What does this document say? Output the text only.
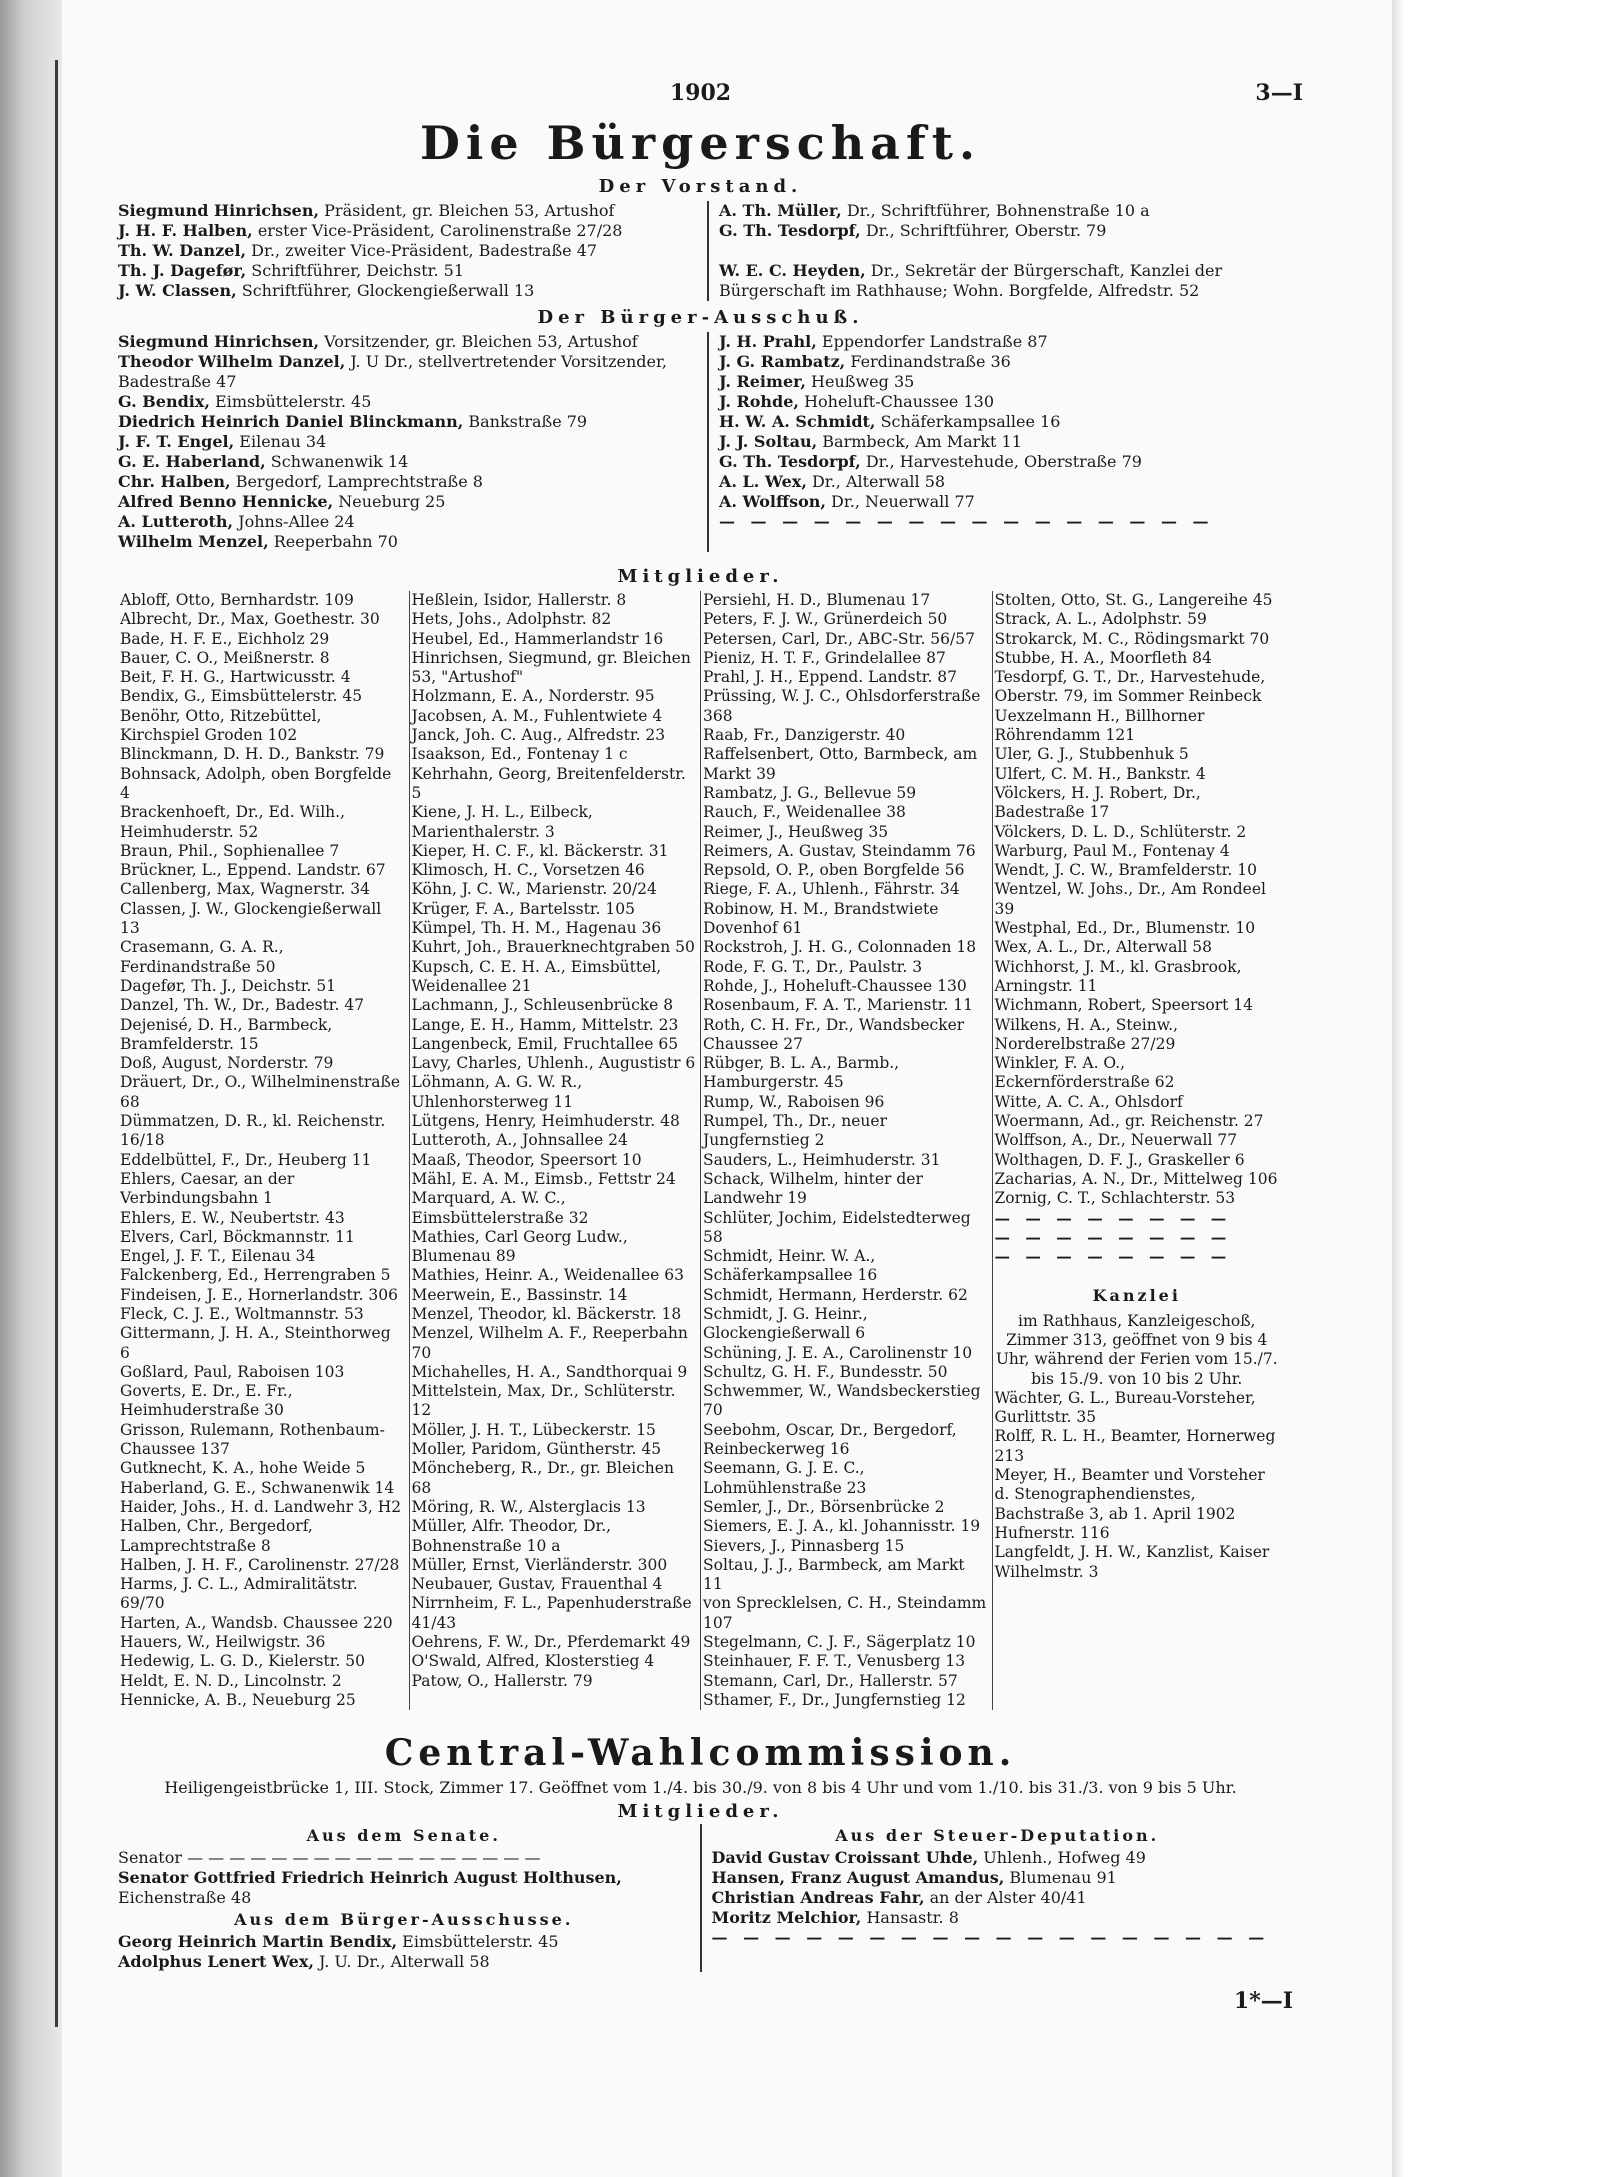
1902	3—I
Die Bürgerschaft.
Der Vorstand.
Siegmund Hinrichsen, Präsident, gr. Bleichen 53, Artushof
J. H. F. Halben, erster Vice-Präsident, Carolinenstraße 27/28
Th. W. Danzel, Dr., zweiter Vice-Präsident, Badestraße 47
Th. J. Dagefør, Schriftführer, Deichstr. 51
J. W. Classen, Schriftführer, Glockengießerwall 13
A. Th. Müller, Dr., Schriftführer, Bohnenstraße 10 a
G. Th. Tesdorpf, Dr., Schriftführer, Oberstr. 79

W. E. C. Heyden, Dr., Sekretär der Bürgerschaft, Kanzlei der Bürgerschaft im Rathhause; Wohn. Borgfelde, Alfredstr. 52
Der Bürger-Ausschuß.
Siegmund Hinrichsen, Vorsitzender, gr. Bleichen 53, Artushof
Theodor Wilhelm Danzel, J. U Dr., stellvertretender Vorsitzender, Badestraße 47
G. Bendix, Eimsbüttelerstr. 45
Diedrich Heinrich Daniel Blinckmann, Bankstraße 79
J. F. T. Engel, Eilenau 34
G. E. Haberland, Schwanenwik 14
Chr. Halben, Bergedorf, Lamprechtstraße 8
Alfred Benno Hennicke, Neueburg 25
A. Lutteroth, Johns-Allee 24
Wilhelm Menzel, Reeperbahn 70
J. H. Prahl, Eppendorfer Landstraße 87
J. G. Rambatz, Ferdinandstraße 36
J. Reimer, Heußweg 35
J. Rohde, Hoheluft-Chaussee 130
H. W. A. Schmidt, Schäferkampsallee 16
J. J. Soltau, Barmbeck, Am Markt 11
G. Th. Tesdorpf, Dr., Harvestehude, Oberstraße 79
A. L. Wex, Dr., Alterwall 58
A. Wolffson, Dr., Neuerwall 77
— — — — — — — — — — — — — — — —
Mitglieder.
Abloff, Otto, Bernhardstr. 109
Albrecht, Dr., Max, Goethestr. 30
Bade, H. F. E., Eichholz 29
Bauer, C. O., Meißnerstr. 8
Beit, F. H. G., Hartwicusstr. 4
Bendix, G., Eimsbüttelerstr. 45
Benöhr, Otto, Ritzebüttel, Kirchspiel Groden 102
Blinckmann, D. H. D., Bankstr. 79
Bohnsack, Adolph, oben Borgfelde 4
Brackenhoeft, Dr., Ed. Wilh., Heimhuderstr. 52
Braun, Phil., Sophienallee 7
Brückner, L., Eppend. Landstr. 67
Callenberg, Max, Wagnerstr. 34
Classen, J. W., Glockengießerwall 13
Crasemann, G. A. R., Ferdinandstraße 50
Dagefør, Th. J., Deichstr. 51
Danzel, Th. W., Dr., Badestr. 47
Dejenisé, D. H., Barmbeck, Bramfelderstr. 15
Doß, August, Norderstr. 79
Dräuert, Dr., O., Wilhelminenstraße 68
Dümmatzen, D. R., kl. Reichenstr. 16/18
Eddelbüttel, F., Dr., Heuberg 11
Ehlers, Caesar, an der Verbindungsbahn 1
Ehlers, E. W., Neubertstr. 43
Elvers, Carl, Böckmannstr. 11
Engel, J. F. T., Eilenau 34
Falckenberg, Ed., Herrengraben 5
Findeisen, J. E., Hornerlandstr. 306
Fleck, C. J. E., Woltmannstr. 53
Gittermann, J. H. A., Steinthorweg 6
Goßlard, Paul, Raboisen 103
Goverts, E. Dr., E. Fr., Heimhuderstraße 30
Grisson, Rulemann, Rothenbaum-Chaussee 137
Gutknecht, K. A., hohe Weide 5
Haberland, G. E., Schwanenwik 14
Haider, Johs., H. d. Landwehr 3, H2
Halben, Chr., Bergedorf, Lamprechtstraße 8
Halben, J. H. F., Carolinenstr. 27/28
Harms, J. C. L., Admiralitätstr. 69/70
Harten, A., Wandsb. Chaussee 220
Hauers, W., Heilwigstr. 36
Hedewig, L. G. D., Kielerstr. 50
Heldt, E. N. D., Lincolnstr. 2
Hennicke, A. B., Neueburg 25
Heßlein, Isidor, Hallerstr. 8
Hets, Johs., Adolphstr. 82
Heubel, Ed., Hammerlandstr 16
Hinrichsen, Siegmund, gr. Bleichen 53, "Artushof"
Holzmann, E. A., Norderstr. 95
Jacobsen, A. M., Fuhlentwiete 4
Janck, Joh. C. Aug., Alfredstr. 23
Isaakson, Ed., Fontenay 1 c
Kehrhahn, Georg, Breitenfelderstr. 5
Kiene, J. H. L., Eilbeck, Marienthalerstr. 3
Kieper, H. C. F., kl. Bäckerstr. 31
Klimosch, H. C., Vorsetzen 46
Köhn, J. C. W., Marienstr. 20/24
Krüger, F. A., Bartelsstr. 105
Kümpel, Th. H. M., Hagenau 36
Kuhrt, Joh., Brauerknechtgraben 50
Kupsch, C. E. H. A., Eimsbüttel, Weidenallee 21
Lachmann, J., Schleusenbrücke 8
Lange, E. H., Hamm, Mittelstr. 23
Langenbeck, Emil, Fruchtallee 65
Lavy, Charles, Uhlenh., Augustistr 6
Löhmann, A. G. W. R., Uhlenhorsterweg 11
Lütgens, Henry, Heimhuderstr. 48
Lutteroth, A., Johnsallee 24
Maaß, Theodor, Speersort 10
Mähl, E. A. M., Eimsb., Fettstr 24
Marquard, A. W. C., Eimsbüttelerstraße 32
Mathies, Carl Georg Ludw., Blumenau 89
Mathies, Heinr. A., Weidenallee 63
Meerwein, E., Bassinstr. 14
Menzel, Theodor, kl. Bäckerstr. 18
Menzel, Wilhelm A. F., Reeperbahn 70
Michahelles, H. A., Sandthorquai 9
Mittelstein, Max, Dr., Schlüterstr. 12
Möller, J. H. T., Lübeckerstr. 15
Moller, Paridom, Güntherstr. 45
Möncheberg, R., Dr., gr. Bleichen 68
Möring, R. W., Alsterglacis 13
Müller, Alfr. Theodor, Dr., Bohnenstraße 10 a
Müller, Ernst, Vierländerstr. 300
Neubauer, Gustav, Frauenthal 4
Nirrnheim, F. L., Papenhuderstraße 41/43
Oehrens, F. W., Dr., Pferdemarkt 49
O'Swald, Alfred, Klosterstieg 4
Patow, O., Hallerstr. 79
Persiehl, H. D., Blumenau 17
Peters, F. J. W., Grünerdeich 50
Petersen, Carl, Dr., ABC-Str. 56/57
Pieniz, H. T. F., Grindelallee 87
Prahl, J. H., Eppend. Landstr. 87
Prüssing, W. J. C., Ohlsdorferstraße 368
Raab, Fr., Danzigerstr. 40
Raffelsenbert, Otto, Barmbeck, am Markt 39
Rambatz, J. G., Bellevue 59
Rauch, F., Weidenallee 38
Reimer, J., Heußweg 35
Reimers, A. Gustav, Steindamm 76
Repsold, O. P., oben Borgfelde 56
Riege, F. A., Uhlenh., Fährstr. 34
Robinow, H. M., Brandstwiete Dovenhof 61
Rockstroh, J. H. G., Colonnaden 18
Rode, F. G. T., Dr., Paulstr. 3
Rohde, J., Hoheluft-Chaussee 130
Rosenbaum, F. A. T., Marienstr. 11
Roth, C. H. Fr., Dr., Wandsbecker Chaussee 27
Rübger, B. L. A., Barmb., Hamburgerstr. 45
Rump, W., Raboisen 96
Rumpel, Th., Dr., neuer Jungfernstieg 2
Sauders, L., Heimhuderstr. 31
Schack, Wilhelm, hinter der Landwehr 19
Schlüter, Jochim, Eidelstedterweg 58
Schmidt, Heinr. W. A., Schäferkampsallee 16
Schmidt, Hermann, Herderstr. 62
Schmidt, J. G. Heinr., Glockengießerwall 6
Schüning, J. E. A., Carolinenstr 10
Schultz, G. H. F., Bundesstr. 50
Schwemmer, W., Wandsbeckerstieg 70
Seebohm, Oscar, Dr., Bergedorf, Reinbeckerweg 16
Seemann, G. J. E. C., Lohmühlenstraße 23
Semler, J., Dr., Börsenbrücke 2
Siemers, E. J. A., kl. Johannisstr. 19
Sievers, J., Pinnasberg 15
Soltau, J. J., Barmbeck, am Markt 11
von Sprecklelsen, C. H., Steindamm 107
Stegelmann, C. J. F., Sägerplatz 10
Steinhauer, F. F. T., Venusberg 13
Stemann, Carl, Dr., Hallerstr. 57
Sthamer, F., Dr., Jungfernstieg 12
Stolten, Otto, St. G., Langereihe 45
Strack, A. L., Adolphstr. 59
Strokarck, M. C., Rödingsmarkt 70
Stubbe, H. A., Moorfleth 84
Tesdorpf, G. T., Dr., Harvestehude, Oberstr. 79, im Sommer Reinbeck
Uexzelmann H., Billhorner Röhrendamm 121
Uler, G. J., Stubbenhuk 5
Ulfert, C. M. H., Bankstr. 4
Völckers, H. J. Robert, Dr., Badestraße 17
Völckers, D. L. D., Schlüterstr. 2
Warburg, Paul M., Fontenay 4
Wendt, J. C. W., Bramfelderstr. 10
Wentzel, W. Johs., Dr., Am Rondeel 39
Westphal, Ed., Dr., Blumenstr. 10
Wex, A. L., Dr., Alterwall 58
Wichhorst, J. M., kl. Grasbrook, Arningstr. 11
Wichmann, Robert, Speersort 14
Wilkens, H. A., Steinw., Norderelbstraße 27/29
Winkler, F. A. O., Eckernförderstraße 62
Witte, A. C. A., Ohlsdorf
Woermann, Ad., gr. Reichenstr. 27
Wolffson, A., Dr., Neuerwall 77
Wolthagen, D. F. J., Graskeller 6
Zacharias, A. N., Dr., Mittelweg 106
Zornig, C. T., Schlachterstr. 53
— — — — — — — —
— — — — — — — —
— — — — — — — —
Kanzlei
im Rathhaus, Kanzleigeschoß, Zimmer 313, geöffnet von 9 bis 4 Uhr, während der Ferien vom 15./7. bis 15./9. von 10 bis 2 Uhr.
Wächter, G. L., Bureau-Vorsteher, Gurlittstr. 35
Rolff, R. L. H., Beamter, Hornerweg 213
Meyer, H., Beamter und Vorsteher d. Stenographendienstes, Bachstraße 3, ab 1. April 1902 Hufnerstr. 116
Langfeldt, J. H. W., Kanzlist, Kaiser Wilhelmstr. 3
Central-Wahlcommission.
Heiligengeistbrücke 1, III. Stock, Zimmer 17. Geöffnet vom 1./4. bis 30./9. von 8 bis 4 Uhr und vom 1./10. bis 31./3. von 9 bis 5 Uhr.
Mitglieder.
Aus dem Senate.
Senator — — — — — — — — — — — — — — — — —
Senator Gottfried Friedrich Heinrich August Holthusen, Eichenstraße 48
Aus dem Bürger-Ausschusse.
Georg Heinrich Martin Bendix, Eimsbüttelerstr. 45
Adolphus Lenert Wex, J. U. Dr., Alterwall 58
Aus der Steuer-Deputation.
David Gustav Croissant Uhde, Uhlenh., Hofweg 49
Hansen, Franz August Amandus, Blumenau 91
Christian Andreas Fahr, an der Alster 40/41
Moritz Melchior, Hansastr. 8
— — — — — — — — — — — — — — — — — —
1*—I
